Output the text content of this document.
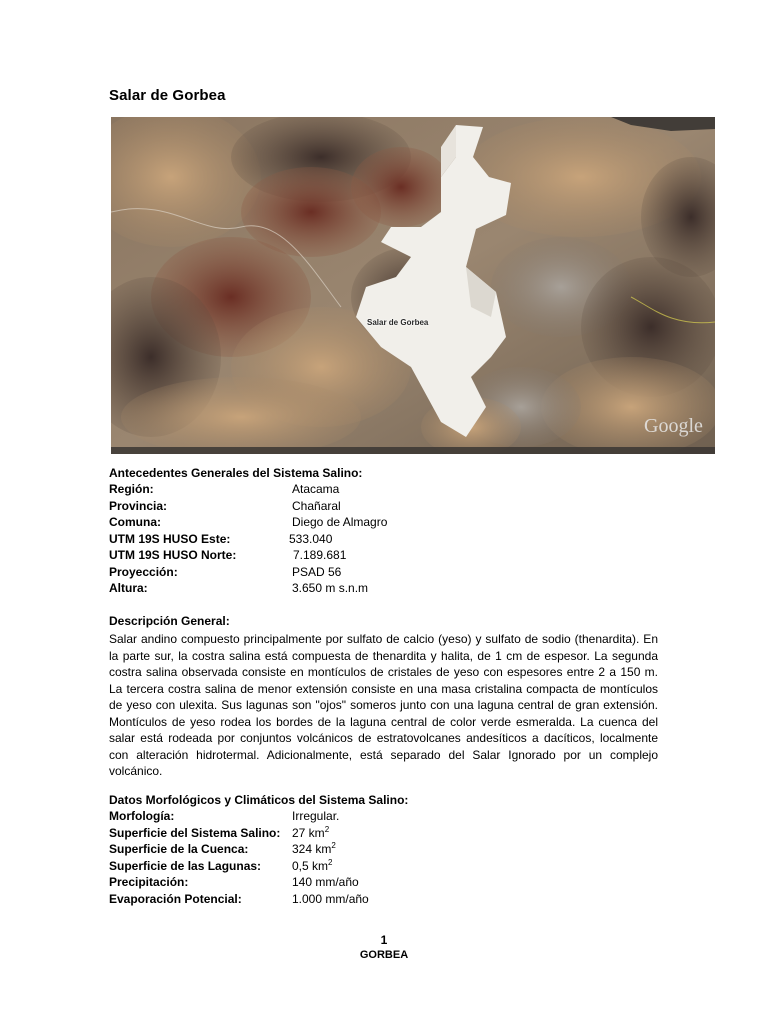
Salar de Gorbea
Salar de Gorbea
Google
Antecedentes Generales del Sistema Salino:
Región:	Atacama
Provincia:	Chañaral
Comuna:	Diego de Almagro
UTM 19S HUSO Este:	533.040
UTM 19S HUSO Norte:	7.189.681
Proyección:	PSAD 56
Altura:	3.650 m s.n.m
Descripción General:
Salar andino compuesto principalmente por sulfato de calcio (yeso) y sulfato de sodio (thenardita). En la parte sur, la costra salina está compuesta de thenardita y halita, de 1 cm de espesor. La segunda costra salina observada consiste en montículos de cristales de yeso con espesores entre 2 a 150 m. La tercera costra salina de menor extensión consiste en una masa cristalina compacta de montículos de yeso con ulexita. Sus lagunas son "ojos" someros junto con una laguna central de gran extensión. Montículos de yeso rodea los bordes de la laguna central de color verde esmeralda. La cuenca del salar está rodeada por conjuntos volcánicos de estratovolcanes andesíticos a dacíticos, localmente con alteración hidrotermal. Adicionalmente, está separado del Salar Ignorado por un complejo volcánico.
Datos Morfológicos y Climáticos del Sistema Salino:
Morfología:	Irregular.
Superficie del Sistema Salino: 27 $km^2$
Superficie de la Cuenca:	324 $km^2$
Superficie de las Lagunas:	0,5 $km^2$
Precipitación:	140 mm/año
Evaporación Potencial:	1.000 mm/año
1
GORBEA
